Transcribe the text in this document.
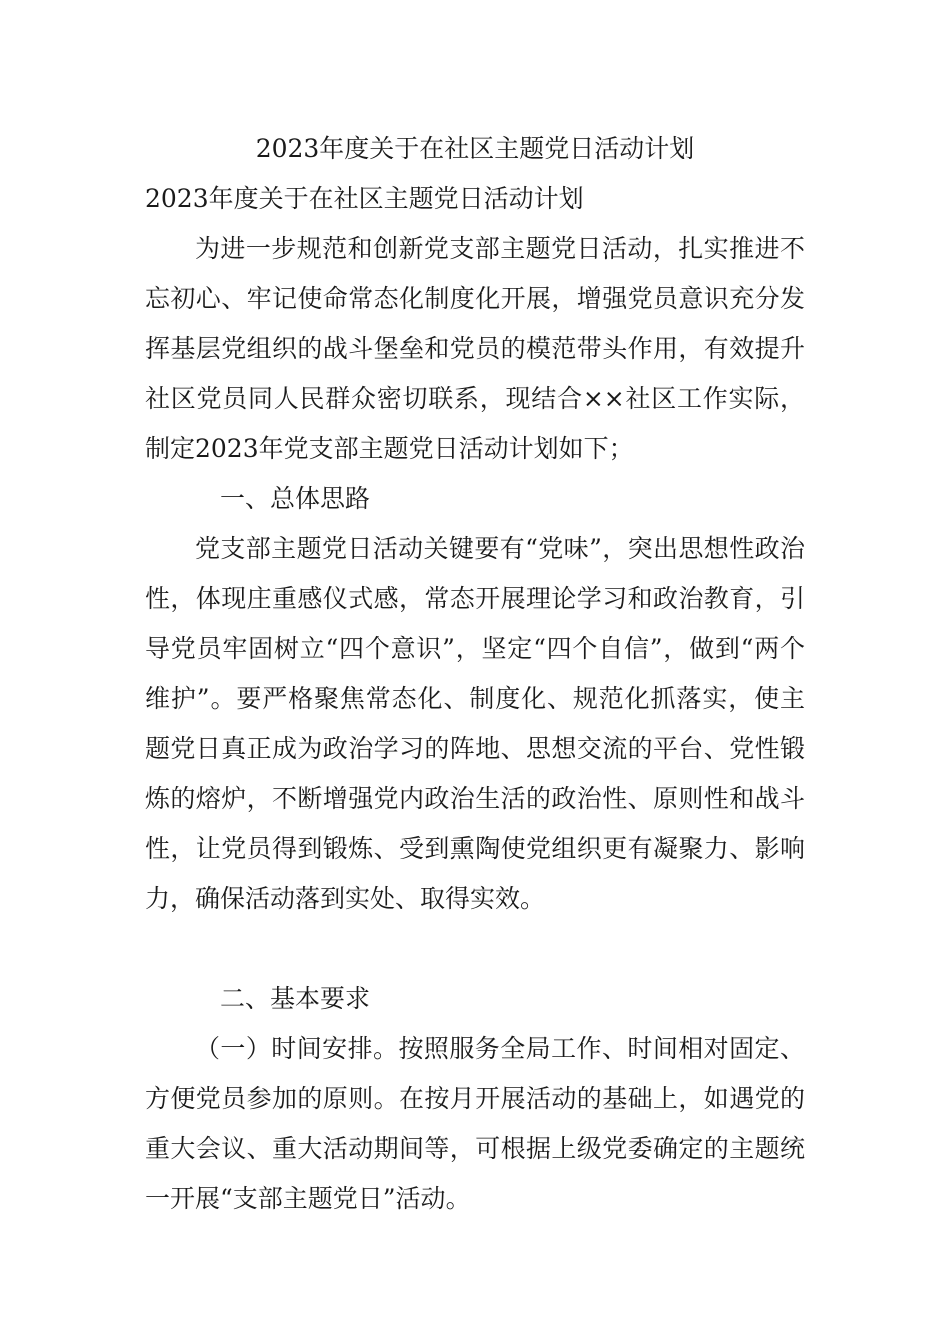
2023年度关于在社区主题党日活动计划
2023年度关于在社区主题党日活动计划

为进一步规范和创新党支部主题党日活动，扎实推进不忘初心、牢记使命常态化制度化开展，增强党员意识充分发挥基层党组织的战斗堡垒和党员的模范带头作用，有效提升社区党员同人民群众密切联系，现结合××社区工作实际，制定2023年党支部主题党日活动计划如下；

一、总体思路

党支部主题党日活动关键要有“党味”，突出思想性政治性，体现庄重感仪式感，常态开展理论学习和政治教育，引导党员牢固树立“四个意识”，坚定“四个自信”，做到“两个维护”。要严格聚焦常态化、制度化、规范化抓落实，使主题党日真正成为政治学习的阵地、思想交流的平台、党性锻炼的熔炉，不断增强党内政治生活的政治性、原则性和战斗性，让党员得到锻炼、受到熏陶使党组织更有凝聚力、影响力，确保活动落到实处、取得实效。

二、基本要求

（一）时间安排。按照服务全局工作、时间相对固定、方便党员参加的原则。在按月开展活动的基础上，如遇党的重大会议、重大活动期间等，可根据上级党委确定的主题统一开展“支部主题党日”活动。
